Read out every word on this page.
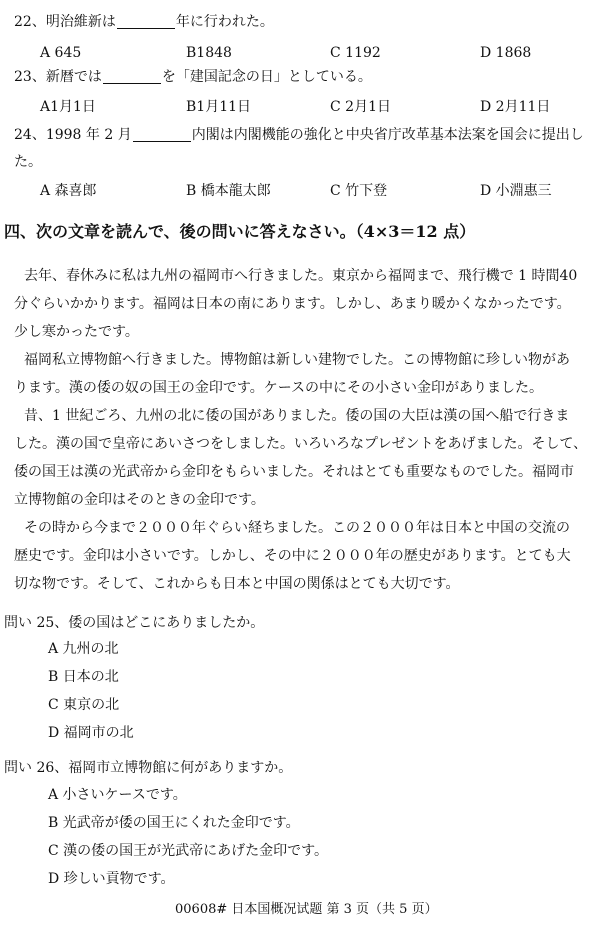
22、明治維新は	年に行われた。
A 645	B1848	C 1192	D 1868
23、新暦では	を「建国記念の日」としている。
A1月1日	B1月11日	C 2月1日	D 2月11日
24、1998 年 2 月	内閣は内閣機能の強化と中央省庁改革基本法案を国会に提出し
た。
A 森喜郎	B 橋本龍太郎	C 竹下登	D 小淵惠三
四、次の文章を読んで、後の問いに答えなさい。（4×3＝12 点）
去年、春休みに私は九州の福岡市へ行きました。東京から福岡まで、飛行機で 1 時間40
分ぐらいかかります。福岡は日本の南にあります。しかし、あまり暖かくなかったです。
少し寒かったです。
福岡私立博物館へ行きました。博物館は新しい建物でした。この博物館に珍しい物があ
ります。漢の倭の奴の国王の金印です。ケースの中にその小さい金印がありました。
昔、1 世紀ごろ、九州の北に倭の国がありました。倭の国の大臣は漢の国へ船で行きま
した。漢の国で皇帝にあいさつをしました。いろいろなプレゼントをあげました。そして、
倭の国王は漢の光武帝から金印をもらいました。それはとても重要なものでした。福岡市
立博物館の金印はそのときの金印です。
その時から今まで２０００年ぐらい経ちました。この２０００年は日本と中国の交流の
歴史です。金印は小さいです。しかし、その中に２０００年の歴史があります。とても大
切な物です。そして、これからも日本と中国の関係はとても大切です。
問い 25、倭の国はどこにありましたか。
A 九州の北
B 日本の北
C 東京の北
D 福岡市の北
問い 26、福岡市立博物館に何がありますか。
A 小さいケースです。
B 光武帝が倭の国王にくれた金印です。
C 漢の倭の国王が光武帝にあげた金印です。
D 珍しい貢物です。
00608# 日本国概况试题 第 3 页（共 5 页）
